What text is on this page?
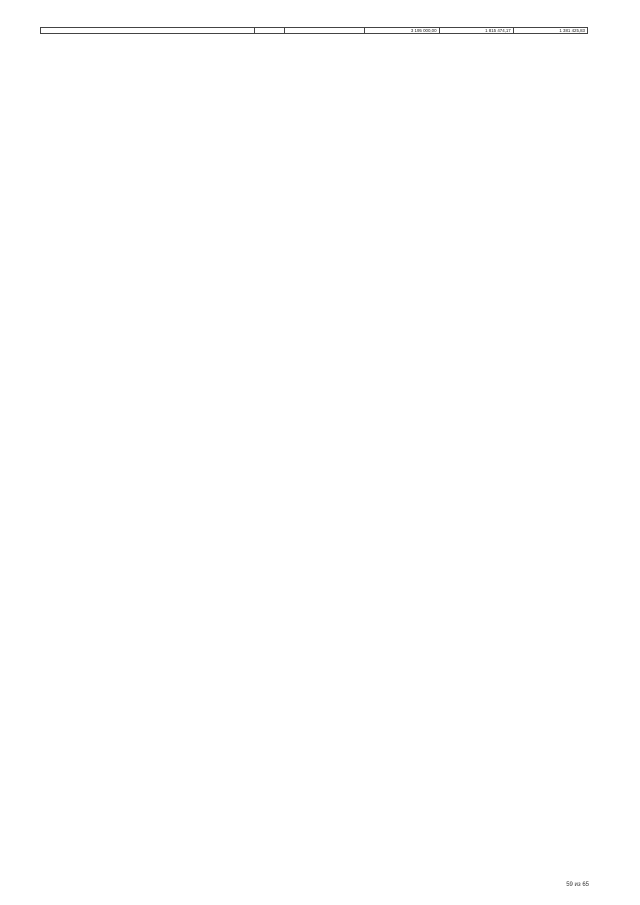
			3 195 000,00	1 815 474,17	1 381 425,83
59 из 65
